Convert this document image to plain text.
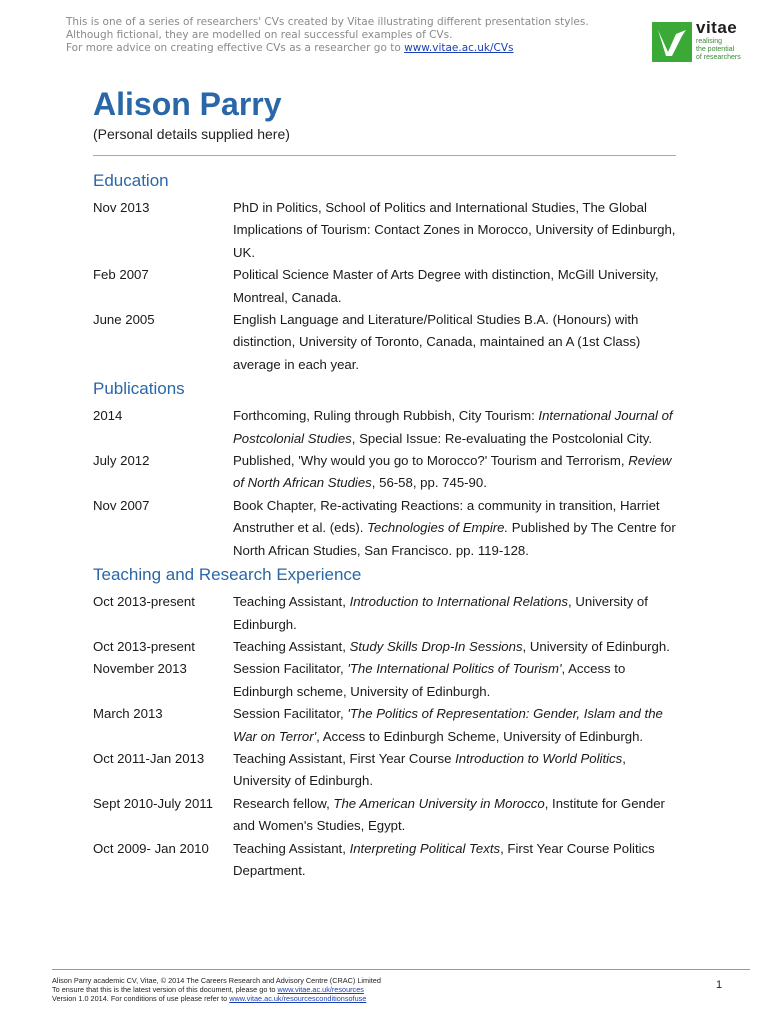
This is one of a series of researchers' CVs created by Vitae illustrating different presentation styles.
Although fictional, they are modelled on real successful examples of CVs.
For more advice on creating effective CVs as a researcher go to www.vitae.ac.uk/CVs
vitae
realising
the potential
of researchers
Alison Parry
(Personal details supplied here)
Education
Nov 2013	PhD in Politics, School of Politics and International Studies, The Global Implications of Tourism: Contact Zones in Morocco, University of Edinburgh, UK.
Feb 2007	Political Science Master of Arts Degree with distinction, McGill University, Montreal, Canada.
June 2005	English Language and Literature/Political Studies B.A. (Honours) with distinction, University of Toronto, Canada, maintained an A (1st Class) average in each year.
Publications
2014	Forthcoming, Ruling through Rubbish, City Tourism: International Journal of Postcolonial Studies, Special Issue: Re-evaluating the Postcolonial City.
July 2012	Published, 'Why would you go to Morocco?' Tourism and Terrorism, Review of North African Studies, 56-58, pp. 745-90.
Nov 2007	Book Chapter, Re-activating Reactions: a community in transition, Harriet Anstruther et al. (eds). Technologies of Empire. Published by The Centre for North African Studies, San Francisco. pp. 119-128.
Teaching and Research Experience
Oct 2013-present	Teaching Assistant, Introduction to International Relations, University of Edinburgh.
Oct 2013-present	Teaching Assistant, Study Skills Drop-In Sessions, University of Edinburgh.
November 2013	Session Facilitator, 'The International Politics of Tourism', Access to Edinburgh scheme, University of Edinburgh.
March 2013	Session Facilitator, 'The Politics of Representation: Gender, Islam and the War on Terror', Access to Edinburgh Scheme, University of Edinburgh.
Oct 2011-Jan 2013	Teaching Assistant, First Year Course Introduction to World Politics, University of Edinburgh.
Sept 2010-July 2011	Research fellow, The American University in Morocco, Institute for Gender and Women's Studies, Egypt.
Oct 2009- Jan 2010	Teaching Assistant, Interpreting Political Texts, First Year Course Politics Department.
Alison Parry academic CV, Vitae, © 2014 The Careers Research and Advisory Centre (CRAC) Limited
To ensure that this is the latest version of this document, please go to www.vitae.ac.uk/resources
Version 1.0 2014. For conditions of use please refer to www.vitae.ac.uk/resourcesconditionsofuse
1
